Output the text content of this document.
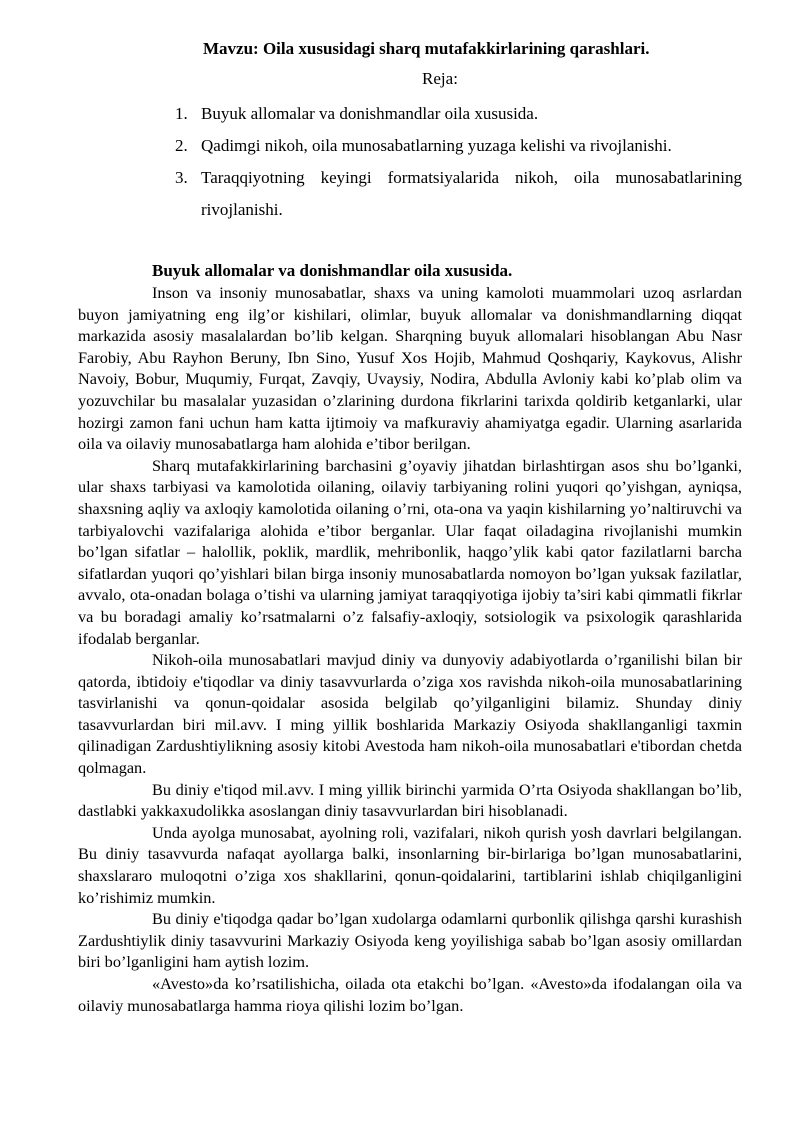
Mavzu: Oila xususidagi sharq mutafakkirlarining qarashlari.
Reja:
1. Buyuk allomalar va donishmandlar oila xususida.
2. Qadimgi nikoh, oila munosabatlarning yuzaga kelishi va rivojlanishi.
3. Taraqqiyotning keyingi formatsiyalarida nikoh, oila munosabatlarining rivojlanishi.
Buyuk allomalar va donishmandlar oila xususida.

Inson va insoniy munosabatlar, shaxs va uning kamoloti muammolari uzoq asrlardan buyon jamiyatning eng ilg’or kishilari, olimlar, buyuk allomalar va donishmandlarning diqqat markazida asosiy masalalardan bo’lib kelgan. Sharqning buyuk allomalari hisoblangan Abu Nasr Farobiy, Abu Rayhon Beruny, Ibn Sino, Yusuf Xos Hojib, Mahmud Qoshqariy, Kaykovus, Alishr Navoiy, Bobur, Muqumiy, Furqat, Zavqiy, Uvaysiy, Nodira, Abdulla Avloniy kabi ko’plab olim va yozuvchilar bu masalalar yuzasidan o’zlarining durdona fikrlarini tarixda qoldirib ketganlarki, ular hozirgi zamon fani uchun ham katta ijtimoiy va mafkuraviy ahamiyatga egadir. Ularning asarlarida oila va oilaviy munosabatlarga ham alohida e’tibor berilgan.

Sharq mutafakkirlarining barchasini g’oyaviy jihatdan birlashtirgan asos shu bo’lganki, ular shaxs tarbiyasi va kamolotida oilaning, oilaviy tarbiyaning rolini yuqori qo’yishgan, ayniqsa, shaxsning aqliy va axloqiy kamolotida oilaning o’rni, ota-ona va yaqin kishilarning yo’naltiruvchi va tarbiyalovchi vazifalariga alohida e’tibor berganlar. Ular faqat oiladagina rivojlanishi mumkin bo’lgan sifatlar – halollik, poklik, mardlik, mehribonlik, haqgo’ylik kabi qator fazilatlarni barcha sifatlardan yuqori qo’yishlari bilan birga insoniy munosabatlarda nomoyon bo’lgan yuksak fazilatlar, avvalo, ota-onadan bolaga o’tishi va ularning jamiyat taraqqiyotiga ijobiy ta’siri kabi qimmatli fikrlar va bu boradagi amaliy ko’rsatmalarni o’z falsafiy-axloqiy, sotsiologik va psixologik qarashlarida ifodalab berganlar.

Nikoh-oila munosabatlari mavjud diniy va dunyoviy adabiyotlarda o’rganilishi bilan bir qatorda, ibtidoiy e'tiqodlar va diniy tasavvurlarda o’ziga xos ravishda nikoh-oila munosabatlarining tasvirlanishi va qonun-qoidalar asosida belgilab qo’yilganligini bilamiz. Shunday diniy tasavvurlardan biri mil.avv. I ming yillik boshlarida Markaziy Osiyoda shakllanganligi taxmin qilinadigan Zardushtiylikning asosiy kitobi Avestoda ham nikoh-oila munosabatlari e'tibordan chetda qolmagan.

Bu diniy e'tiqod mil.avv. I ming yillik birinchi yarmida O’rta Osiyoda shakllangan bo’lib, dastlabki yakkaxudolikka asoslangan diniy tasavvurlardan biri hisoblanadi.

Unda ayolga munosabat, ayolning roli, vazifalari, nikoh qurish yosh davrlari belgilangan. Bu diniy tasavvurda nafaqat ayollarga balki, insonlarning bir-birlariga bo’lgan munosabatlarini, shaxslararo muloqotni o’ziga xos shakllarini, qonun-qoidalarini, tartiblarini ishlab chiqilganligini ko’rishimiz mumkin.

Bu diniy e'tiqodga qadar bo’lgan xudolarga odamlarni qurbonlik qilishga qarshi kurashish Zardushtiylik diniy tasavvurini Markaziy Osiyoda keng yoyilishiga sabab bo’lgan asosiy omillardan biri bo’lganligini ham aytish lozim.

«Avesto»da ko’rsatilishicha, oilada ota etakchi bo’lgan. «Avesto»da ifodalangan oila va oilaviy munosabatlarga hamma rioya qilishi lozim bo’lgan.
